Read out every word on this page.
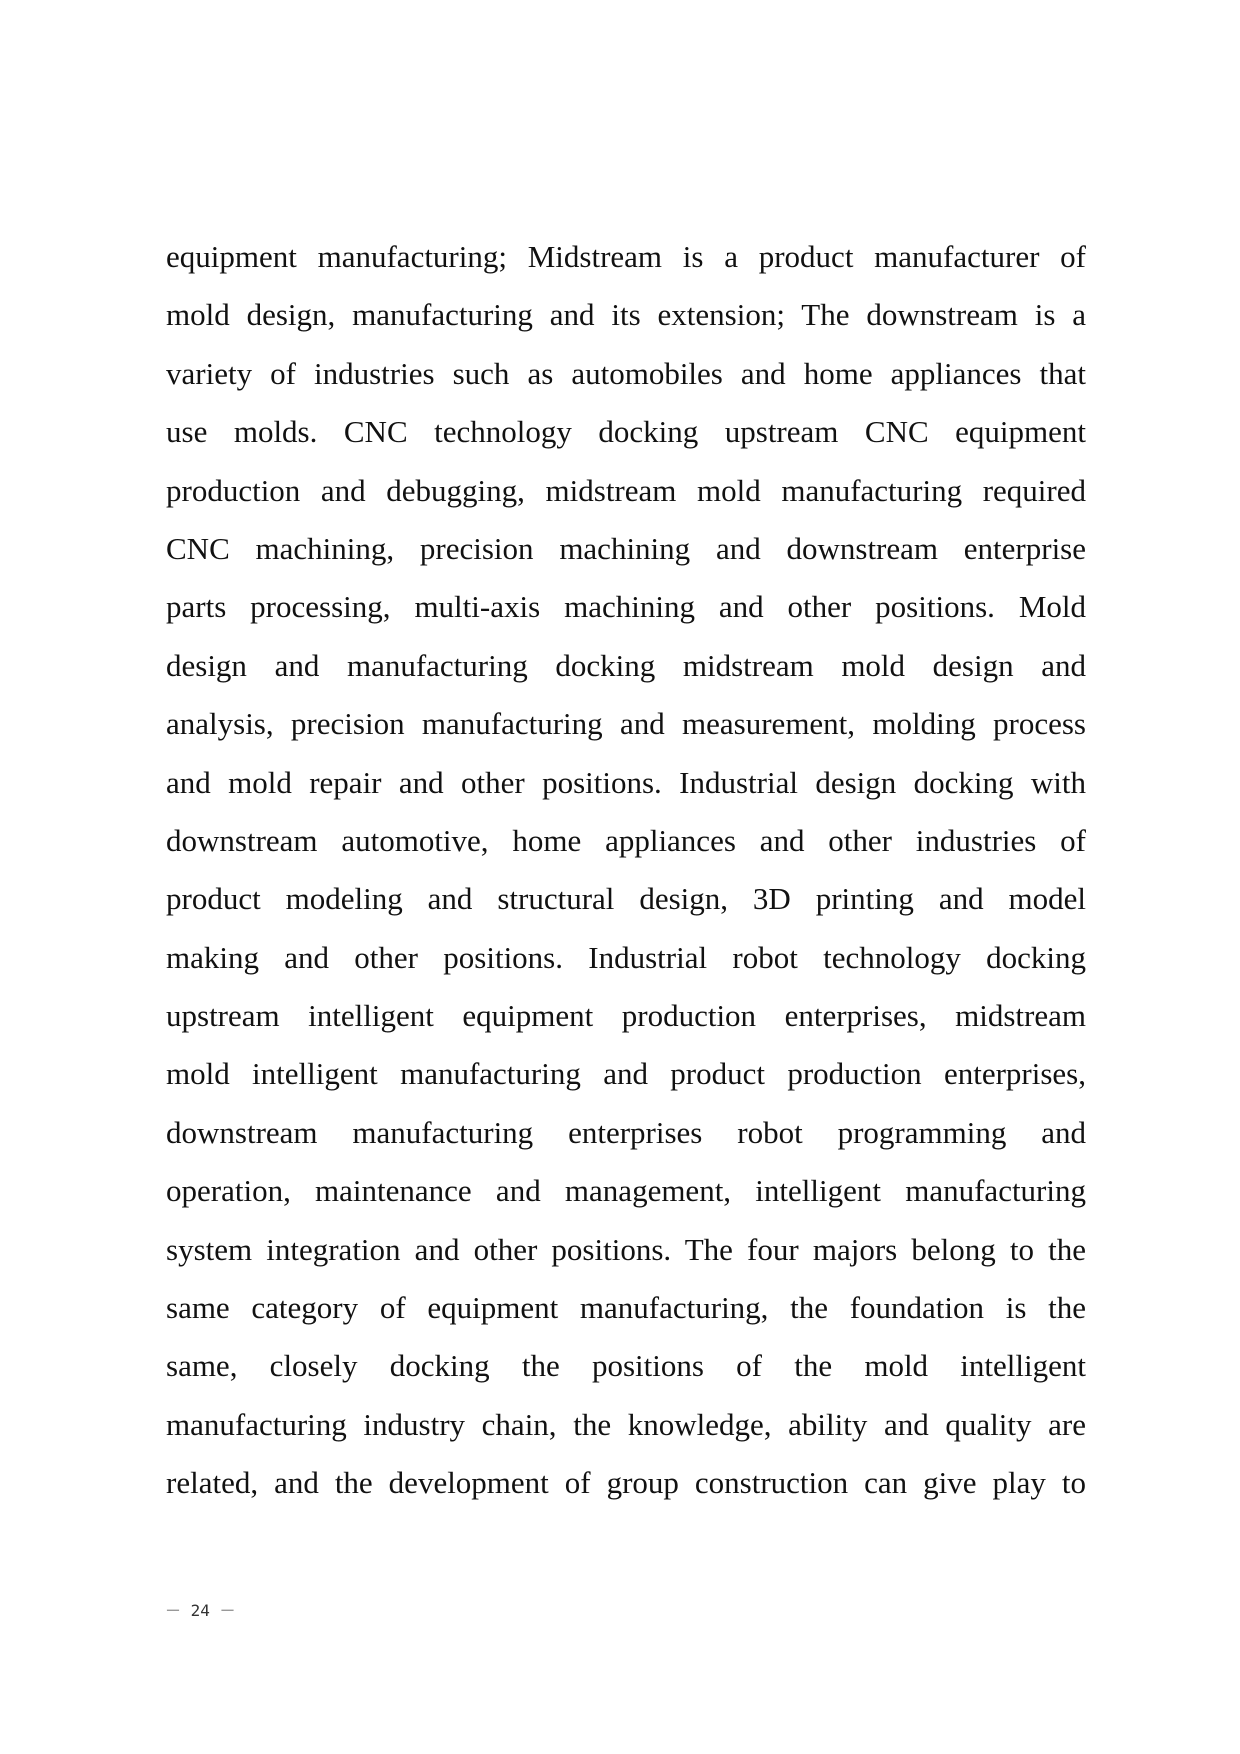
equipment manufacturing; Midstream is a product manufacturer of
mold design, manufacturing and its extension; The downstream is a
variety of industries such as automobiles and home appliances that
use molds. CNC technology docking upstream CNC equipment
production and debugging, midstream mold manufacturing required
CNC machining, precision machining and downstream enterprise
parts processing, multi-axis machining and other positions. Mold
design and manufacturing docking midstream mold design and
analysis, precision manufacturing and measurement, molding process
and mold repair and other positions. Industrial design docking with
downstream automotive, home appliances and other industries of
product modeling and structural design, 3D printing and model
making and other positions. Industrial robot technology docking
upstream intelligent equipment production enterprises, midstream
mold intelligent manufacturing and product production enterprises,
downstream manufacturing enterprises robot programming and
operation, maintenance and management, intelligent manufacturing
system integration and other positions. The four majors belong to the
same category of equipment manufacturing, the foundation is the
same, closely docking the positions of the mold intelligent
manufacturing industry chain, the knowledge, ability and quality are
related, and the development of group construction can give play to
－ 24 －
